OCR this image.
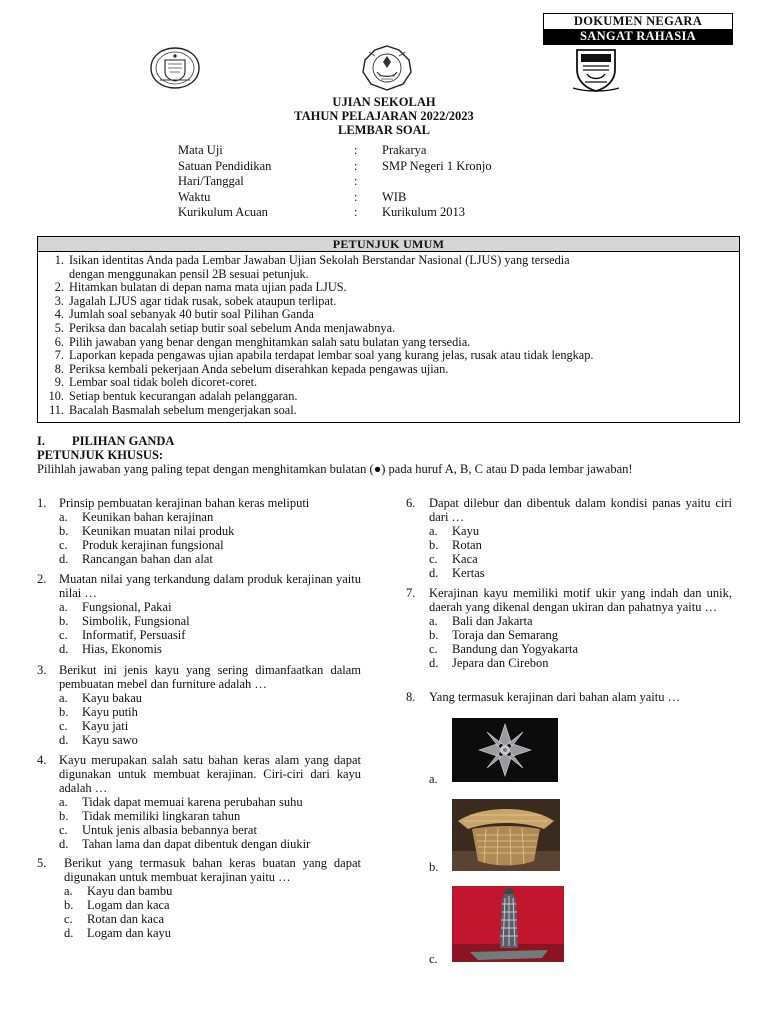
DOKUMEN NEGARA
SANGAT RAHASIA
UJIAN SEKOLAH
TAHUN PELAJARAN 2022/2023
LEMBAR SOAL
Mata Uji	:	Prakarya
Satuan Pendidikan	:	SMP Negeri 1 Kronjo
Hari/Tanggal	:
Waktu	:	WIB
Kurikulum Acuan	:	Kurikulum 2013
PETUNJUK UMUM
1. Isikan identitas Anda pada Lembar Jawaban Ujian Sekolah Berstandar Nasional (LJUS) yang tersedia
dengan menggunakan pensil 2B sesuai petunjuk.
2. Hitamkan bulatan di depan nama mata ujian pada LJUS.
3. Jagalah LJUS agar tidak rusak, sobek ataupun terlipat.
4. Jumlah soal sebanyak 40 butir soal Pilihan Ganda
5. Periksa dan bacalah setiap butir soal sebelum Anda menjawabnya.
6. Pilih jawaban yang benar dengan menghitamkan salah satu bulatan yang tersedia.
7. Laporkan kepada pengawas ujian apabila terdapat lembar soal yang kurang jelas, rusak atau tidak lengkap.
8. Periksa kembali pekerjaan Anda sebelum diserahkan kepada pengawas ujian.
9. Lembar soal tidak boleh dicoret-coret.
10. Setiap bentuk kecurangan adalah pelanggaran.
11. Bacalah Basmalah sebelum mengerjakan soal.
I. PILIHAN GANDA
PETUNJUK KHUSUS:
Pilihlah jawaban yang paling tepat dengan menghitamkan bulatan (●) pada huruf A, B, C atau D pada lembar jawaban!
1.	Prinsip pembuatan kerajinan bahan keras meliputi
a.	Keunikan bahan kerajinan
b.	Keunikan muatan nilai produk
c.	Produk kerajinan fungsional
d.	Rancangan bahan dan alat
2.	Muatan nilai yang terkandung dalam produk kerajinan yaitu nilai …
a.	Fungsional, Pakai
b.	Simbolik, Fungsional
c.	Informatif, Persuasif
d.	Hias, Ekonomis
3.	Berikut ini jenis kayu yang sering dimanfaatkan dalam pembuatan mebel dan furniture adalah …
a.	Kayu bakau
b.	Kayu putih
c.	Kayu jati
d.	Kayu sawo
4.	Kayu merupakan salah satu bahan keras alam yang dapat digunakan untuk membuat kerajinan. Ciri-ciri dari kayu adalah …
a.	Tidak dapat memuai karena perubahan suhu
b.	Tidak memiliki lingkaran tahun
c.	Untuk jenis albasia bebannya berat
d.	Tahan lama dan dapat dibentuk dengan diukir
5.	Berikut yang termasuk bahan keras buatan yang dapat digunakan untuk membuat kerajinan yaitu …
a.	Kayu dan bambu
b.	Logam dan kaca
c.	Rotan dan kaca
d.	Logam dan kayu
6.	Dapat dilebur dan dibentuk dalam kondisi panas yaitu ciri dari …
a.	Kayu
b.	Rotan
c.	Kaca
d.	Kertas
7.	Kerajinan kayu memiliki motif ukir yang indah dan unik, daerah yang dikenal dengan ukiran dan pahatnya yaitu …
a.	Bali dan Jakarta
b.	Toraja dan Semarang
c.	Bandung dan Yogyakarta
d.	Jepara dan Cirebon
8.	Yang termasuk kerajinan dari bahan alam yaitu …
a.
b.
c.
